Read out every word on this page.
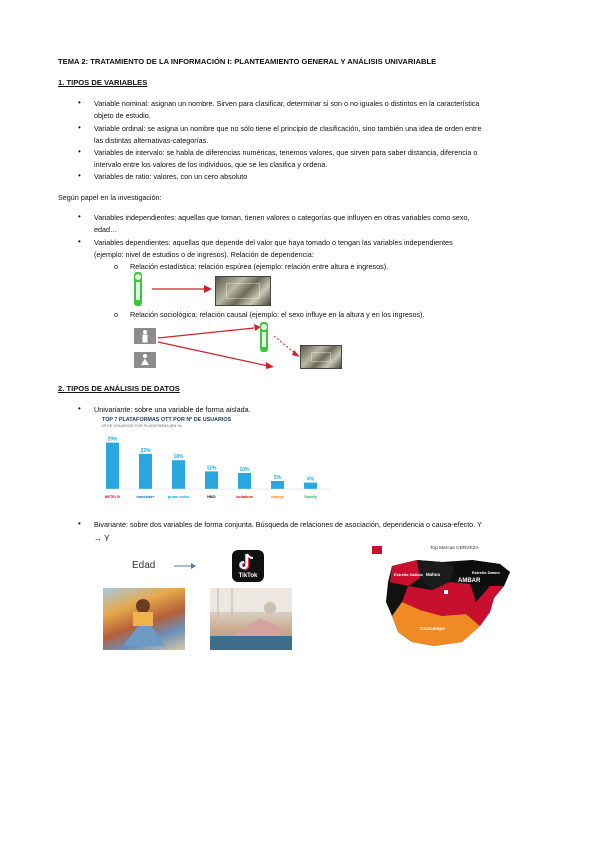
TEMA 2: TRATAMIENTO DE LA INFORMACIÓN I: PLANTEAMIENTO GENERAL Y ANÁLISIS UNIVARIABLE
1. TIPOS DE VARIABLES
• Variable nominal: asignan un nombre. Sirven para clasificar, determinar si son o no iguales o distintos en la característica
objeto de estudio.
• Variable ordinal: se asigna un nombre que no sólo tiene el principio de clasificación, sino también una idea de orden entre
las distintas alternativas-categorías.
• Variables de intervalo: se habla de diferencias numéricas, tenemos valores, que sirven para saber distancia, diferencia o
intervalo entre los valores de los individuos, que se les clasifica y ordena.
• Variables de ratio: valores, con un cero absoluto
Según papel en la investigación:
• Variables independientes: aquellas que toman, tienen valores o categorías que influyen en otras variables como sexo,
edad…
• Variables dependientes: aquellas que depende del valor que haya tomado o tengan las variables independientes
(ejemplo: nivel de estudios o de ingresos). Relación de dependencia:
o Relación estadística: relación espúrea (ejemplo: relación entre altura e ingresos).
o Relación sociológica: relación causal (ejemplo: el sexo influye en la altura y en los ingresos).
2. TIPOS DE ANÁLISIS DE DATOS
• Univariante: sobre una variable de forma aislada.
TOP 7 PLATAFORMAS OTT POR Nº DE USUARIOS
Nº DE USUARIOS POR PLATAFORMA (EN %)
29%
NETFLIX
22%
movistar+
18%
prime video
11%
HBO
10%
vodafone
5%
orange
4%
Spotify
• Bivariante: sobre dos variables de forma conjunta. Búsqueda de relaciones de asociación, dependencia o causa-efecto. Y
→ Y
Edad
TikTok
Top Marcas CERVEZA
Estrella Galicia Mahou	Estrella Damm
AMBAR
Cruzcampo
